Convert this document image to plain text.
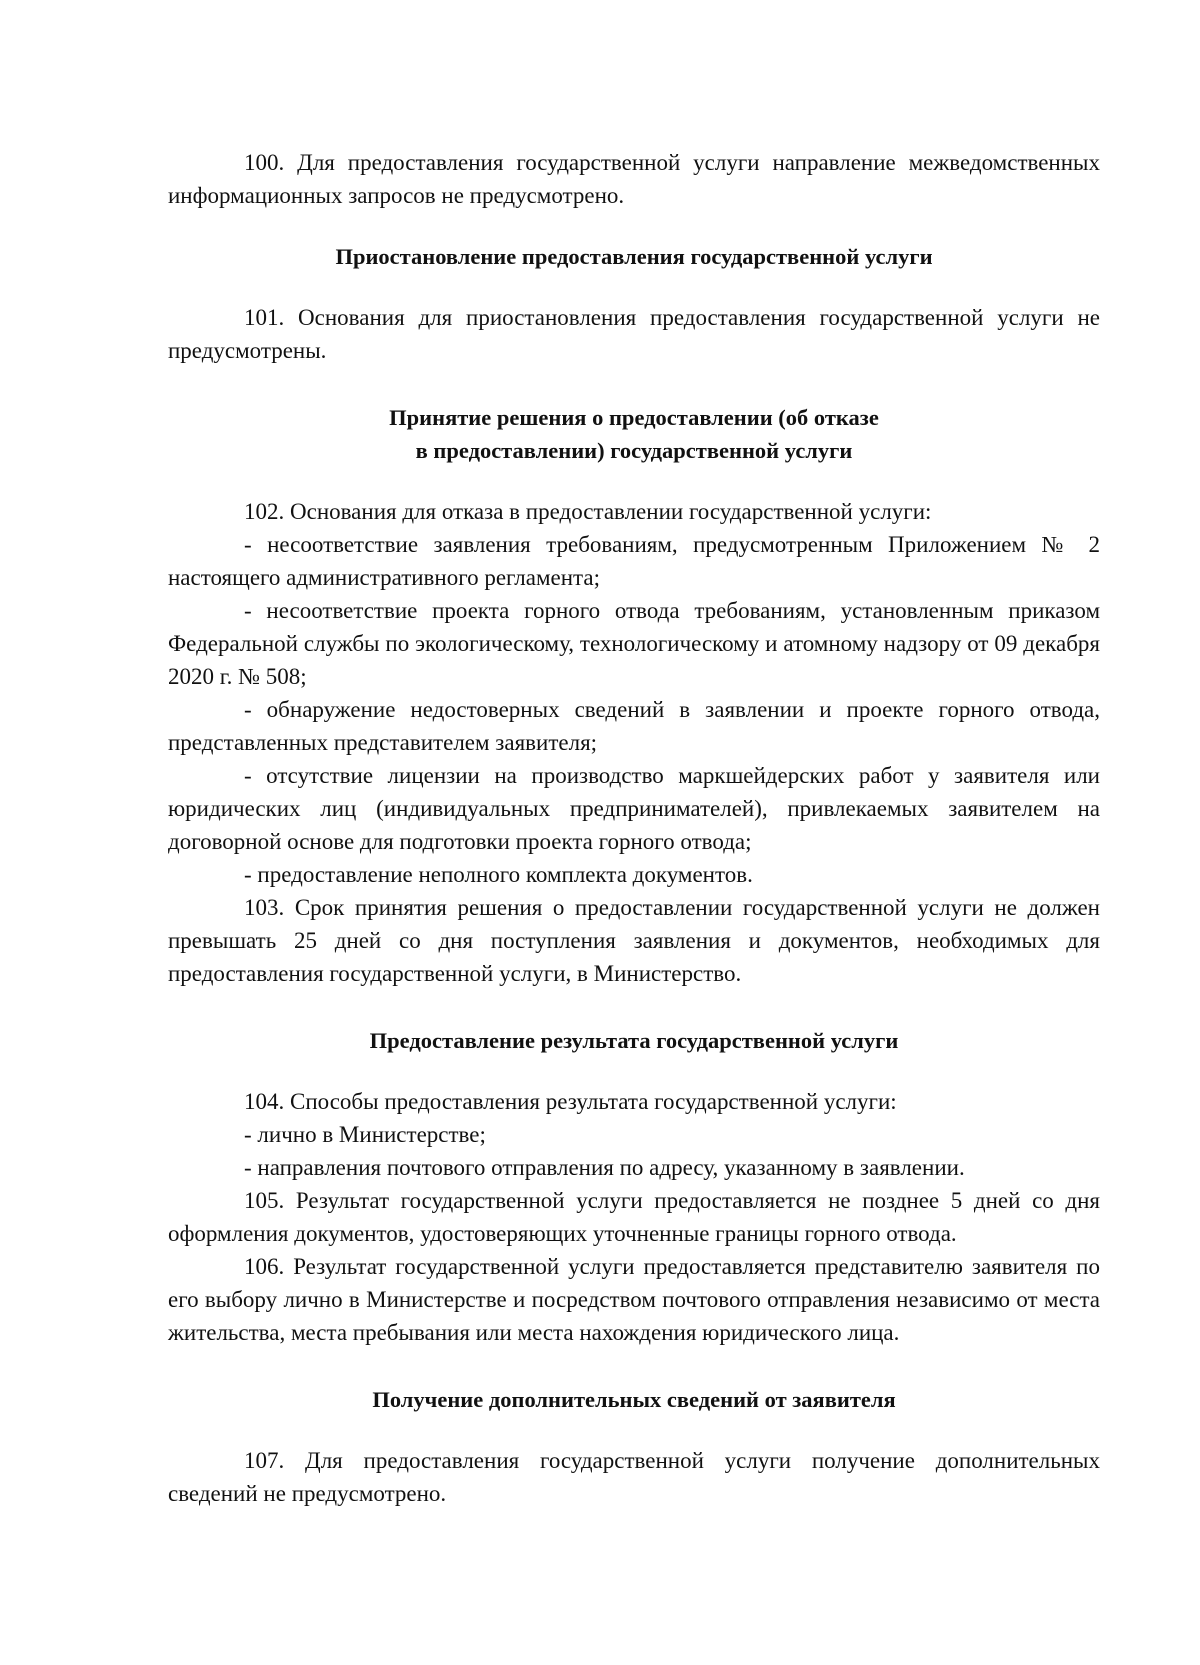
100. Для предоставления государственной услуги направление межведомственных информационных запросов не предусмотрено.

Приостановление предоставления государственной услуги

101. Основания для приостановления предоставления государственной услуги не предусмотрены.

Принятие решения о предоставлении (об отказе

в предоставлении) государственной услуги

102. Основания для отказа в предоставлении государственной услуги:

- несоответствие заявления требованиям, предусмотренным Приложением № 2 настоящего административного регламента;

- несоответствие проекта горного отвода требованиям, установленным приказом Федеральной службы по экологическому, технологическому и атомному надзору от 09 декабря 2020 г. № 508;

- обнаружение недостоверных сведений в заявлении и проекте горного отвода, представленных представителем заявителя;

- отсутствие лицензии на производство маркшейдерских работ у заявителя или юридических лиц (индивидуальных предпринимателей), привлекаемых заявителем на договорной основе для подготовки проекта горного отвода;

- предоставление неполного комплекта документов.

103. Срок принятия решения о предоставлении государственной услуги не должен превышать 25 дней со дня поступления заявления и документов, необходимых для предоставления государственной услуги, в Министерство.

Предоставление результата государственной услуги

104. Способы предоставления результата государственной услуги:

- лично в Министерстве;

- направления почтового отправления по адресу, указанному в заявлении.

105. Результат государственной услуги предоставляется не позднее 5 дней со дня оформления документов, удостоверяющих уточненные границы горного отвода.

106. Результат государственной услуги предоставляется представителю заявителя по его выбору лично в Министерстве и посредством почтового отправления независимо от места жительства, места пребывания или места нахождения юридического лица.

Получение дополнительных сведений от заявителя

107. Для предоставления государственной услуги получение дополнительных сведений не предусмотрено.
